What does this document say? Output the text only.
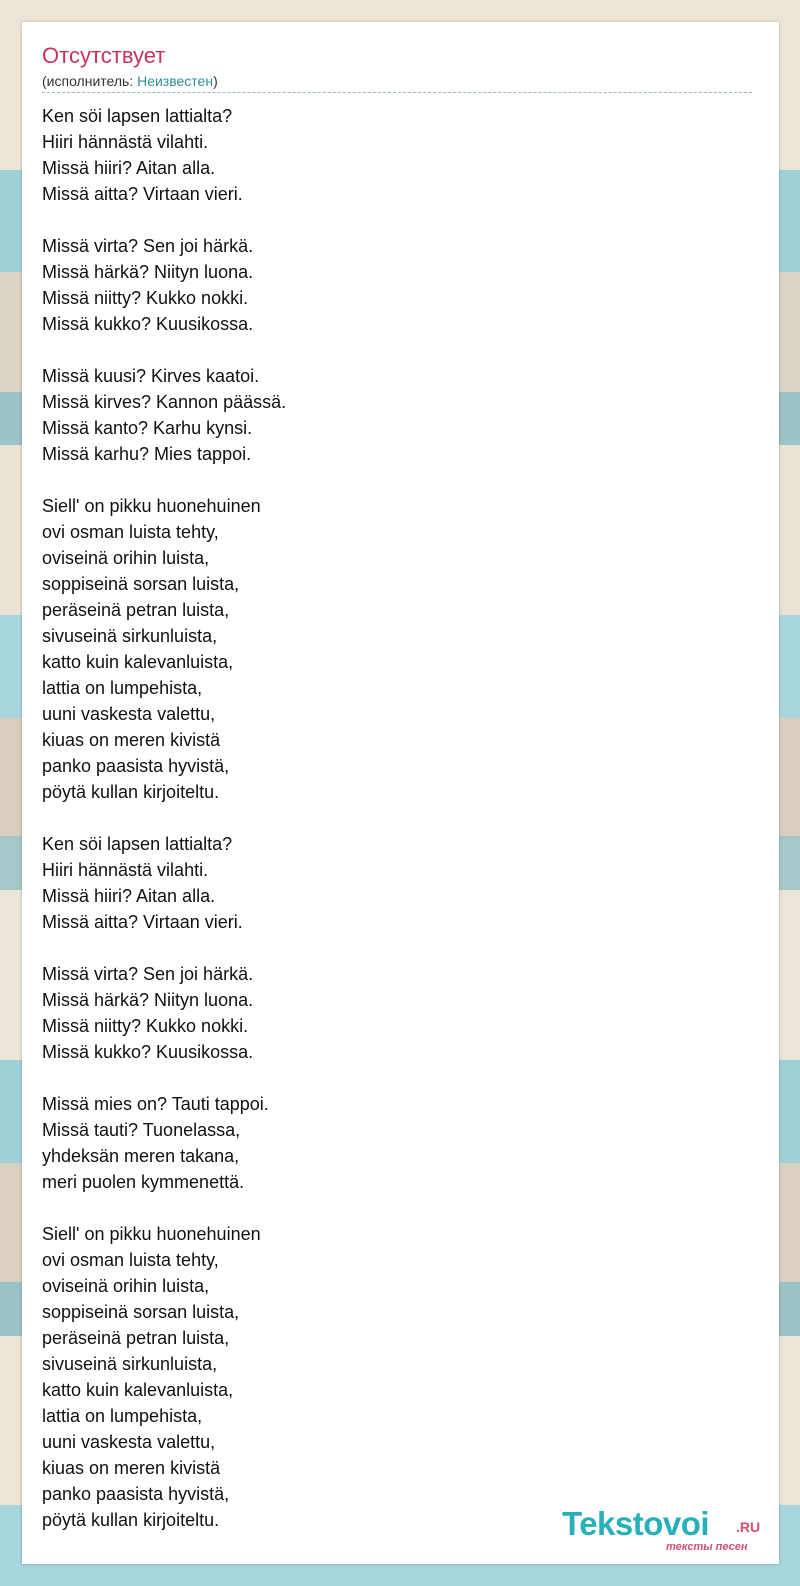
Отсутствует
(исполнитель: Неизвестен)
Ken söi lapsen lattialta?
Hiiri hännästä vilahti.
Missä hiiri? Aitan alla.
Missä aitta? Virtaan vieri.

Missä virta? Sen joi härkä.
Missä härkä? Niityn luona.
Missä niitty? Kukko nokki.
Missä kukko? Kuusikossa.

Missä kuusi? Kirves kaatoi.
Missä kirves? Kannon päässä.
Missä kanto? Karhu kynsi.
Missä karhu? Mies tappoi.

Siell' on pikku huonehuinen
ovi osman luista tehty,
oviseinä orihin luista,
soppiseinä sorsan luista,
peräseinä petran luista,
sivuseinä sirkunluista,
katto kuin kalevanluista,
lattia on lumpehista,
uuni vaskesta valettu,
kiuas on meren kivistä
panko paasista hyvistä,
pöytä kullan kirjoiteltu.

Ken söi lapsen lattialta?
Hiiri hännästä vilahti.
Missä hiiri? Aitan alla.
Missä aitta? Virtaan vieri.

Missä virta? Sen joi härkä.
Missä härkä? Niityn luona.
Missä niitty? Kukko nokki.
Missä kukko? Kuusikossa.

Missä mies on? Tauti tappoi.
Missä tauti? Tuonelassa,
yhdeksän meren takana,
meri puolen kymmenettä.

Siell' on pikku huonehuinen
ovi osman luista tehty,
oviseinä orihin luista,
soppiseinä sorsan luista,
peräseinä petran luista,
sivuseinä sirkunluista,
katto kuin kalevanluista,
lattia on lumpehista,
uuni vaskesta valettu,
kiuas on meren kivistä
panko paasista hyvistä,
pöytä kullan kirjoiteltu.	Tekstovoi .RU
тексты песен
